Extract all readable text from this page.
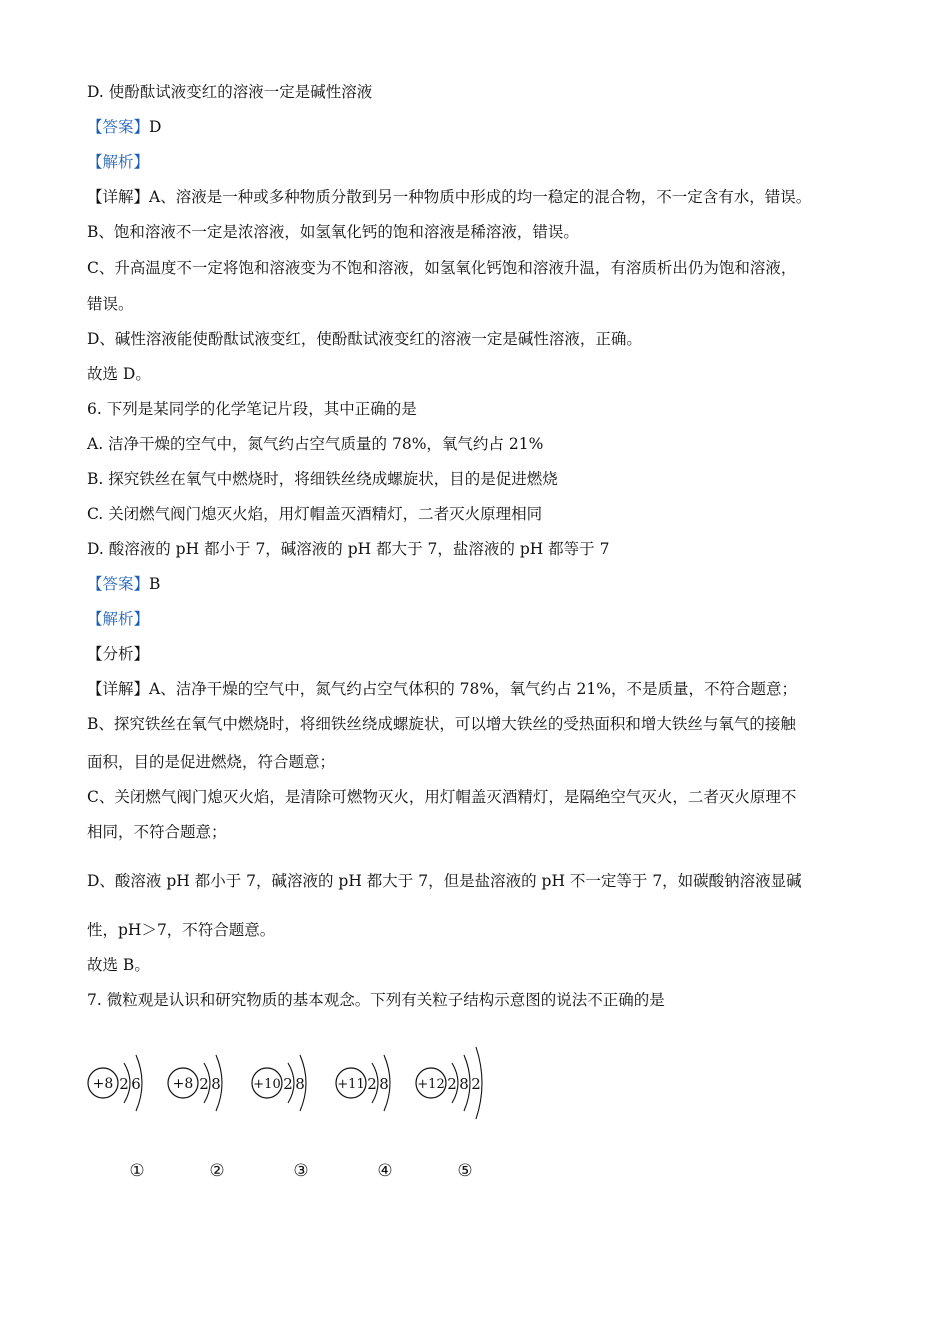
D. 使酚酞试液变红的溶液一定是碱性溶液
【答案】D
【解析】
【详解】A、溶液是一种或多种物质分散到另一种物质中形成的均一稳定的混合物，不一定含有水，错误。
B、饱和溶液不一定是浓溶液，如氢氧化钙的饱和溶液是稀溶液，错误。
C、升高温度不一定将饱和溶液变为不饱和溶液，如氢氧化钙饱和溶液升温，有溶质析出仍为饱和溶液，
错误。
D、碱性溶液能使酚酞试液变红，使酚酞试液变红的溶液一定是碱性溶液，正确。
故选 D。
6. 下列是某同学的化学笔记片段，其中正确的是
A. 洁净干燥的空气中，氮气约占空气质量的 78%，氧气约占 21%
B. 探究铁丝在氧气中燃烧时，将细铁丝绕成螺旋状，目的是促进燃烧
C. 关闭燃气阀门熄灭火焰，用灯帽盖灭酒精灯，二者灭火原理相同
D. 酸溶液的 pH 都小于 7，碱溶液的 pH 都大于 7，盐溶液的 pH 都等于 7
【答案】B
【解析】
【分析】
【详解】A、洁净干燥的空气中，氮气约占空气体积的 78%，氧气约占 21%，不是质量，不符合题意；
B、探究铁丝在氧气中燃烧时，将细铁丝绕成螺旋状，可以增大铁丝的受热面积和增大铁丝与氧气的接触
面积，目的是促进燃烧，符合题意；
C、关闭燃气阀门熄灭火焰，是清除可燃物灭火，用灯帽盖灭酒精灯，是隔绝空气灭火，二者灭火原理不
相同，不符合题意；
D、酸溶液 pH 都小于 7，碱溶液的 pH 都大于 7，但是盐溶液的 pH 不一定等于 7，如碳酸钠溶液显碱
性，pH＞7，不符合题意。
故选 B。
7. 微粒观是认识和研究物质的基本观念。下列有关粒子结构示意图的说法不正确的是
+8 2 6
①
+8 2 8
②
+10 2 8
③
+11 2 8
④
+12 2 8 2
⑤
